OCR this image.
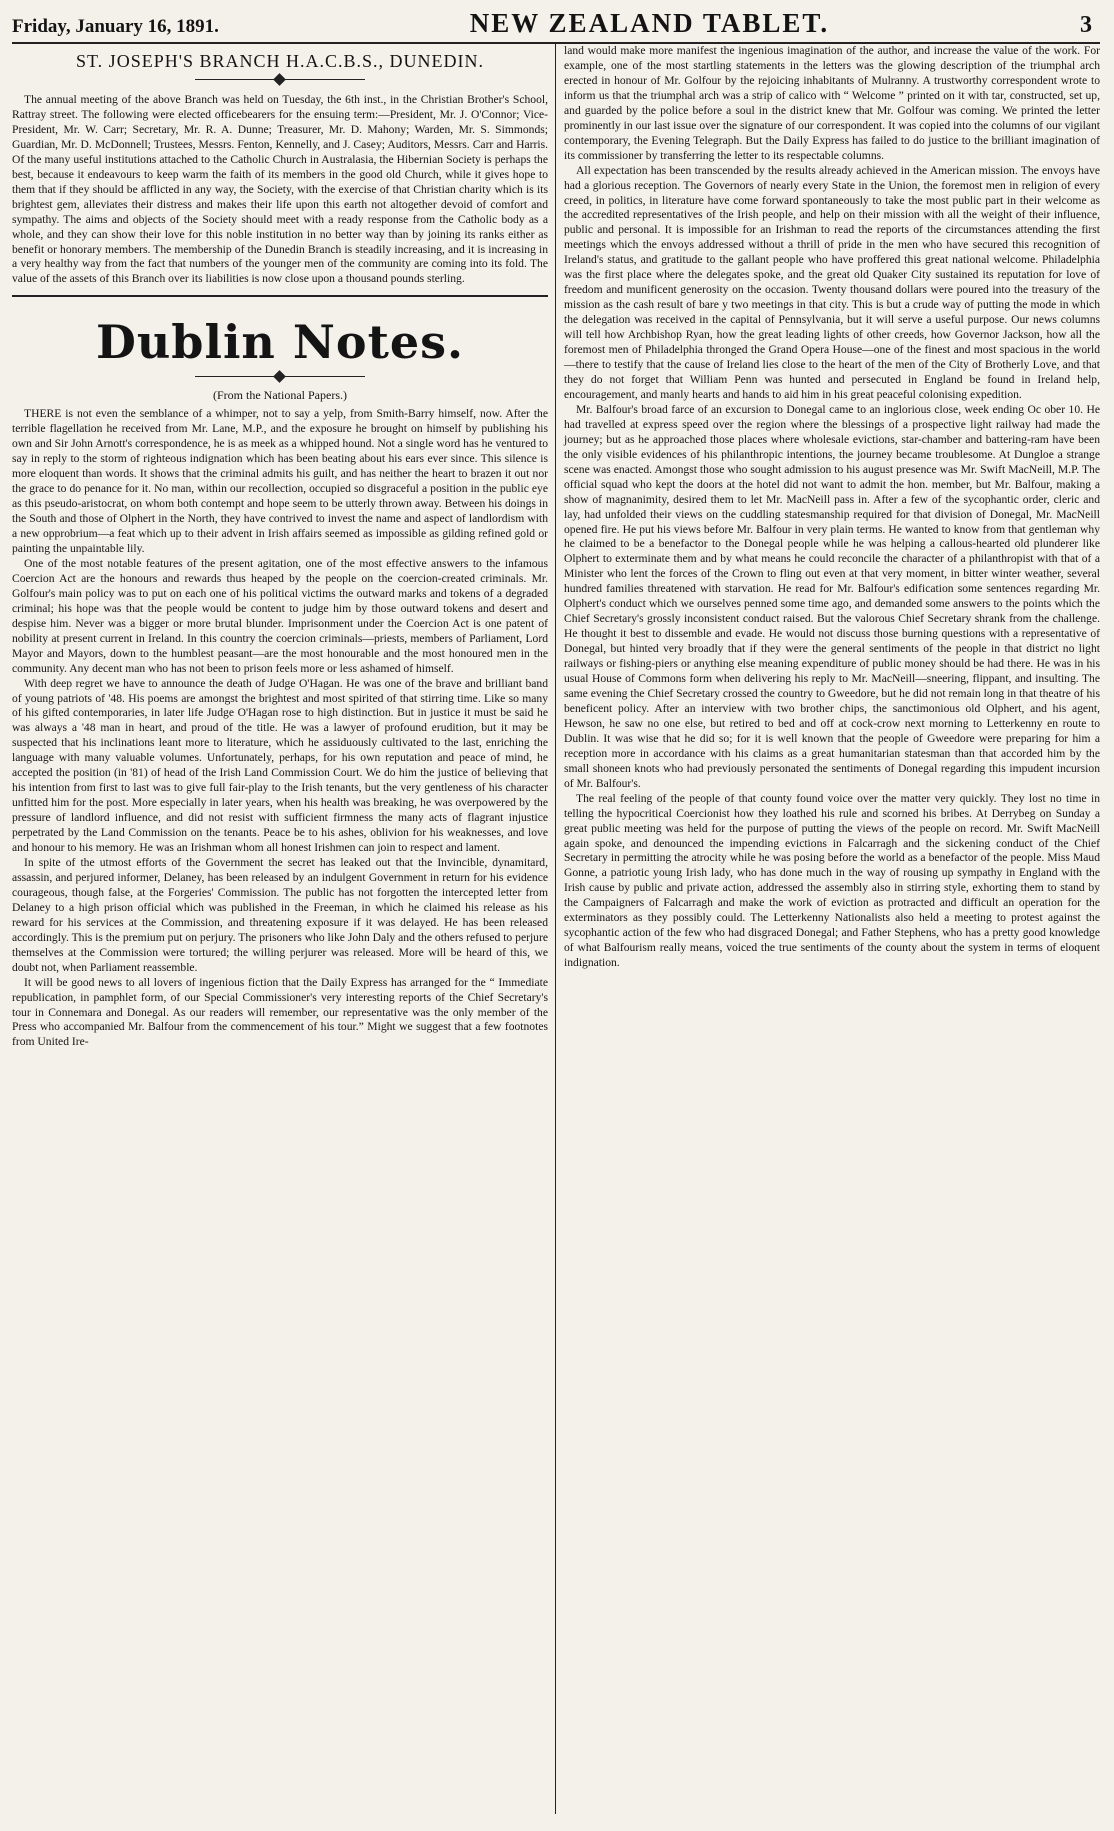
Friday, January 16, 1891.	NEW ZEALAND TABLET.	3
ST. JOSEPH'S BRANCH H.A.C.B.S., DUNEDIN.

The annual meeting of the above Branch was held on Tuesday, the 6th inst., in the Christian Brother's School, Rattray street. The following were elected officebearers for the ensuing term:—President, Mr. J. O'Connor; Vice-President, Mr. W. Carr; Secretary, Mr. R. A. Dunne; Treasurer, Mr. D. Mahony; Warden, Mr. S. Simmonds; Guardian, Mr. D. McDonnell; Trustees, Messrs. Fenton, Kennelly, and J. Casey; Auditors, Messrs. Carr and Harris. Of the many useful institutions attached to the Catholic Church in Australasia, the Hibernian Society is perhaps the best, because it endeavours to keep warm the faith of its members in the good old Church, while it gives hope to them that if they should be afflicted in any way, the Society, with the exercise of that Christian charity which is its brightest gem, alleviates their distress and makes their life upon this earth not altogether devoid of comfort and sympathy. The aims and objects of the Society should meet with a ready response from the Catholic body as a whole, and they can show their love for this noble institution in no better way than by joining its ranks either as benefit or honorary members. The membership of the Dunedin Branch is steadily increasing, and it is increasing in a very healthy way from the fact that numbers of the younger men of the community are coming into its fold. The value of the assets of this Branch over its liabilities is now close upon a thousand pounds sterling.

Dublin Notes.
(From the National Papers.)

THERE is not even the semblance of a whimper, not to say a yelp, from Smith-Barry himself, now. After the terrible flagellation he received from Mr. Lane, M.P., and the exposure he brought on himself by publishing his own and Sir John Arnott's correspondence, he is as meek as a whipped hound. Not a single word has he ventured to say in reply to the storm of righteous indignation which has been beating about his ears ever since. This silence is more eloquent than words. It shows that the criminal admits his guilt, and has neither the heart to brazen it out nor the grace to do penance for it. No man, within our recollection, occupied so disgraceful a position in the public eye as this pseudo-aristocrat, on whom both contempt and hope seem to be utterly thrown away. Between his doings in the South and those of Olphert in the North, they have contrived to invest the name and aspect of landlordism with a new opprobrium—a feat which up to their advent in Irish affairs seemed as impossible as gilding refined gold or painting the unpaintable lily.

One of the most notable features of the present agitation, one of the most effective answers to the infamous Coercion Act are the honours and rewards thus heaped by the people on the coercion-created criminals. Mr. Golfour's main policy was to put on each one of his political victims the outward marks and tokens of a degraded criminal; his hope was that the people would be content to judge him by those outward tokens and desert and despise him. Never was a bigger or more brutal blunder. Imprisonment under the Coercion Act is one patent of nobility at present current in Ireland. In this country the coercion criminals—priests, members of Parliament, Lord Mayor and Mayors, down to the humblest peasant—are the most honourable and the most honoured men in the community. Any decent man who has not been to prison feels more or less ashamed of himself.

With deep regret we have to announce the death of Judge O'Hagan. He was one of the brave and brilliant band of young patriots of '48. His poems are amongst the brightest and most spirited of that stirring time. Like so many of his gifted contemporaries, in later life Judge O'Hagan rose to high distinction. But in justice it must be said he was always a '48 man in heart, and proud of the title. He was a lawyer of profound erudition, but it may be suspected that his inclinations leant more to literature, which he assiduously cultivated to the last, enriching the language with many valuable volumes. Unfortunately, perhaps, for his own reputation and peace of mind, he accepted the position (in '81) of head of the Irish Land Commission Court. We do him the justice of believing that his intention from first to last was to give full fair-play to the Irish tenants, but the very gentleness of his character unfitted him for the post. More especially in later years, when his health was breaking, he was overpowered by the pressure of landlord influence, and did not resist with sufficient firmness the many acts of flagrant injustice perpetrated by the Land Commission on the tenants. Peace be to his ashes, oblivion for his weaknesses, and love and honour to his memory. He was an Irishman whom all honest Irishmen can join to respect and lament.

In spite of the utmost efforts of the Government the secret has leaked out that the Invincible, dynamitard, assassin, and perjured informer, Delaney, has been released by an indulgent Government in return for his evidence courageous, though false, at the Forgeries' Commission. The public has not forgotten the intercepted letter from Delaney to a high prison official which was published in the Freeman, in which he claimed his release as his reward for his services at the Commission, and threatening exposure if it was delayed. He has been released accordingly. This is the premium put on perjury. The prisoners who like John Daly and the others refused to perjure themselves at the Commission were tortured; the willing perjurer was released. More will be heard of this, we doubt not, when Parliament reassemble.

It will be good news to all lovers of ingenious fiction that the Daily Express has arranged for the “ Immediate republication, in pamphlet form, of our Special Commissioner's very interesting reports of the Chief Secretary's tour in Connemara and Donegal. As our readers will remember, our representative was the only member of the Press who accompanied Mr. Balfour from the commencement of his tour.” Might we suggest that a few footnotes from United Ire-

land would make more manifest the ingenious imagination of the author, and increase the value of the work. For example, one of the most startling statements in the letters was the glowing description of the triumphal arch erected in honour of Mr. Golfour by the rejoicing inhabitants of Mulranny. A trustworthy correspondent wrote to inform us that the triumphal arch was a strip of calico with “ Welcome ” printed on it with tar, constructed, set up, and guarded by the police before a soul in the district knew that Mr. Golfour was coming. We printed the letter prominently in our last issue over the signature of our correspondent. It was copied into the columns of our vigilant contemporary, the Evening Telegraph. But the Daily Express has failed to do justice to the brilliant imagination of its commissioner by transferring the letter to its respectable columns.

All expectation has been transcended by the results already achieved in the American mission. The envoys have had a glorious reception. The Governors of nearly every State in the Union, the foremost men in religion of every creed, in politics, in literature have come forward spontaneously to take the most public part in their welcome as the accredited representatives of the Irish people, and help on their mission with all the weight of their influence, public and personal. It is impossible for an Irishman to read the reports of the circumstances attending the first meetings which the envoys addressed without a thrill of pride in the men who have secured this recognition of Ireland's status, and gratitude to the gallant people who have proffered this great national welcome. Philadelphia was the first place where the delegates spoke, and the great old Quaker City sustained its reputation for love of freedom and munificent generosity on the occasion. Twenty thousand dollars were poured into the treasury of the mission as the cash result of bare y two meetings in that city. This is but a crude way of putting the mode in which the delegation was received in the capital of Pennsylvania, but it will serve a useful purpose. Our news columns will tell how Archbishop Ryan, how the great leading lights of other creeds, how Governor Jackson, how all the foremost men of Philadelphia thronged the Grand Opera House—one of the finest and most spacious in the world—there to testify that the cause of Ireland lies close to the heart of the men of the City of Brotherly Love, and that they do not forget that William Penn was hunted and persecuted in England be found in Ireland help, encouragement, and manly hearts and hands to aid him in his great peaceful colonising expedition.

Mr. Balfour's broad farce of an excursion to Donegal came to an inglorious close, week ending Oc ober 10. He had travelled at express speed over the region where the blessings of a prospective light railway had made the journey; but as he approached those places where wholesale evictions, star-chamber and battering-ram have been the only visible evidences of his philanthropic intentions, the journey became troublesome. At Dungloe a strange scene was enacted. Amongst those who sought admission to his august presence was Mr. Swift MacNeill, M.P. The official squad who kept the doors at the hotel did not want to admit the hon. member, but Mr. Balfour, making a show of magnanimity, desired them to let Mr. MacNeill pass in. After a few of the sycophantic order, cleric and lay, had unfolded their views on the cuddling statesmanship required for that division of Donegal, Mr. MacNeill opened fire. He put his views before Mr. Balfour in very plain terms. He wanted to know from that gentleman why he claimed to be a benefactor to the Donegal people while he was helping a callous-hearted old plunderer like Olphert to exterminate them and by what means he could reconcile the character of a philanthropist with that of a Minister who lent the forces of the Crown to fling out even at that very moment, in bitter winter weather, several hundred families threatened with starvation. He read for Mr. Balfour's edification some sentences regarding Mr. Olphert's conduct which we ourselves penned some time ago, and demanded some answers to the points which the Chief Secretary's grossly inconsistent conduct raised. But the valorous Chief Secretary shrank from the challenge. He thought it best to dissemble and evade. He would not discuss those burning questions with a representative of Donegal, but hinted very broadly that if they were the general sentiments of the people in that district no light railways or fishing-piers or anything else meaning expenditure of public money should be had there. He was in his usual House of Commons form when delivering his reply to Mr. MacNeill—sneering, flippant, and insulting. The same evening the Chief Secretary crossed the country to Gweedore, but he did not remain long in that theatre of his beneficent policy. After an interview with two brother chips, the sanctimonious old Olphert, and his agent, Hewson, he saw no one else, but retired to bed and off at cock-crow next morning to Letterkenny en route to Dublin. It was wise that he did so; for it is well known that the people of Gweedore were preparing for him a reception more in accordance with his claims as a great humanitarian statesman than that accorded him by the small shoneen knots who had previously personated the sentiments of Donegal regarding this impudent incursion of Mr. Balfour's.

The real feeling of the people of that county found voice over the matter very quickly. They lost no time in telling the hypocritical Coercionist how they loathed his rule and scorned his bribes. At Derrybeg on Sunday a great public meeting was held for the purpose of putting the views of the people on record. Mr. Swift MacNeill again spoke, and denounced the impending evictions in Falcarragh and the sickening conduct of the Chief Secretary in permitting the atrocity while he was posing before the world as a benefactor of the people. Miss Maud Gonne, a patriotic young Irish lady, who has done much in the way of rousing up sympathy in England with the Irish cause by public and private action, addressed the assembly also in stirring style, exhorting them to stand by the Campaigners of Falcarragh and make the work of eviction as protracted and difficult an operation for the exterminators as they possibly could. The Letterkenny Nationalists also held a meeting to protest against the sycophantic action of the few who had disgraced Donegal; and Father Stephens, who has a pretty good knowledge of what Balfourism really means, voiced the true sentiments of the county about the system in terms of eloquent indignation.
